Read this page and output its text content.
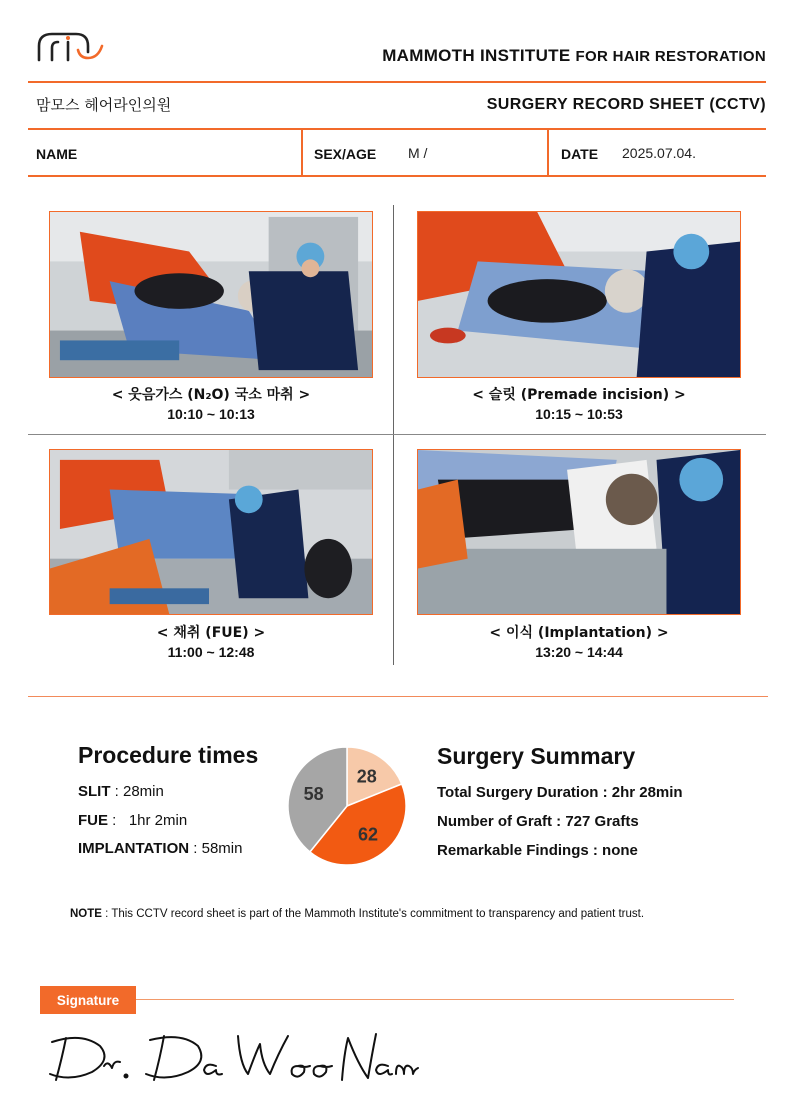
MAMMOTH INSTITUTE FOR HAIR RESTORATION
맘모스 헤어라인의원	SURGERY RECORD SHEET (CCTV)
NAME	SEX/AGE M /	DATE 2025.07.04.
< 웃음가스 (N₂O) 국소 마취 >
10:10 ~ 10:13
< 슬릿 (Premade incision) >
10:15 ~ 10:53
< 채취 (FUE) >
11:00 ~ 12:48
< 이식 (Implantation) >
13:20 ~ 14:44
Procedure times
SLIT : 28min
FUE :   1hr 2min
IMPLANTATION : 58min
28
62
58
Surgery Summary
Total Surgery Duration : 2hr 28min
Number of Graft : 727 Grafts
Remarkable Findings : none
NOTE : This CCTV record sheet is part of the Mammoth Institute's commitment to transparency and patient trust.
Signature
